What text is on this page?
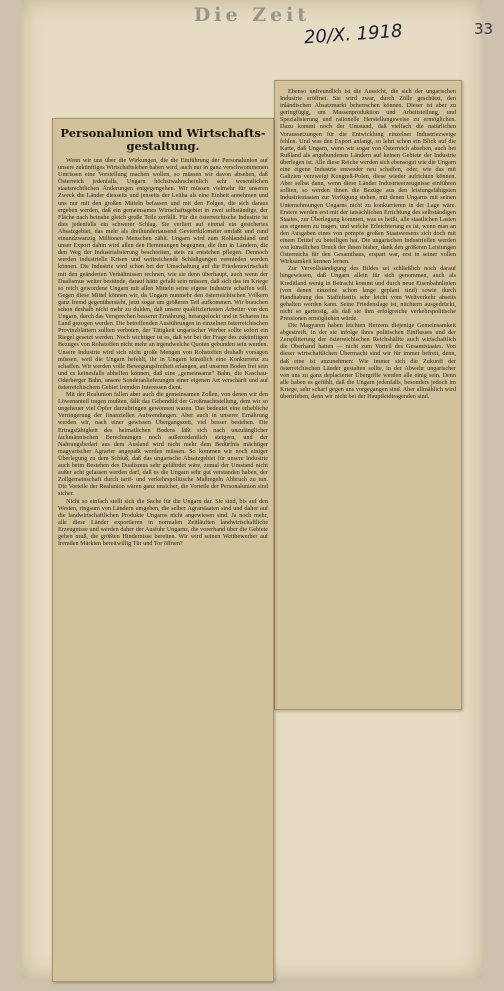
Die Zeit
20/X. 1918	33

Ebenso unfreundlich ist die Aussicht, die sich der ungarischen Industrie eröffnet. Sie wird zwar, durch Zölle geschützt, den inländischen Absatzmarkt beherrschen können. Dieser ist aber zu geringfügig, um Massenproduktion und Arbeitsteilung, und Spezialisierung und rationelle Herstellungsweise zu ermöglichen. Dazu kommt noch der Umstand, daß vielfach die natürlichen Voraussetzungen für die Entwicklung einzelner Industriezweige fehlen. Und was den Export anlangt, so lehrt schon ein Blick auf die Karte, daß Ungarn, wenn wir sogar von Österreich absehen, auch bei Rußland als angebundenen Ländern auf keinen Gebiete der Industrie überlegen ist. Alle diese Reiche werden sich ebensogut wie die Ungarn eine eigene Industrie entweder neu schaffen, oder, wie das mit Galizien verzweigt Kongreß-Polen, diese wieder aufrichten können. Aber selbst dann, wenn diese Länder Industrieerzeugnisse einführen sollten, so werden ihnen die Bezüge aus den leistungsfähigsten Industriestaaten zur Verfügung stehen, mit denen Ungarns mit seinen Unternehmungen Ungarns nicht zu konkurrieren in der Lage wäre. Erstere werden erst mit der tatsächlichen Errichtung des selbständigen Staates, zur Überlegung kommen, was es heißt, alle staatlichen Lasten aus eigenem zu tragen, und welche Erleichterung es ist, wenn man an den Ausgaben eines von pompös großen Staatswesens sich doch mit einem Drittel zu beteiligen hat. Die ungarischen Industriellen werden von künstlichen Druck der ihnen bisher, dank den größeren Leistungen Österreichs für den Gesamthaus, erspart war, erst in seiner vollen Wirksamkeit kennen lernen.

Zur Vervollständigung des Bildes sei schließlich noch darauf hingewiesen, daß Ungarn allein für sich genommen, auch als Kreditland wenig in Betracht kommt und durch neue Eisenbahnlinien (von denen einzelne schon lange geplant sind) sowie durch Handhabung des Staffeltarifs sehr leicht vom Weltverkehr abseits gehalten werden kann. Seine Friedenslage ist, nüchtern ausgedrückt, nicht so gartrosig, als daß sie ihm erfolgreiche verkehrspolitische Pressionen ermöglichen würde.

Die Magyaren haben leichten Herzens diejenige Gemeinsamkeit abgestreift, in der sie infolge ihres politischen Einflusses und der Zersplitterung der österreichischen Reichshälfte auch wirtschaftlich die Oberhand hatten — nicht zum Vorteil des Gesamtstaates. Von dieser wirtschaftlichen Übermacht sind wir für immer befreit, denn, daß eine ist anzunehmen: Wie immer sich die Zukunft der österreichischen Länder gestalten sollte, in der Abwehr ungarischer von uns zu ganz deplacierter Übergriffe werden alle einig sein. Denn alle haben es gefühlt, daß die Ungarn jedenfalls, besonders jedoch im Kriege, sehr scharf gegen uns vorgegangen sind. Aber allmählich wird übertrieben, denn wir nicht bei der Hauptleidtragenden sind.

Personalunion und Wirtschafts-gestaltung.

Wenn wir uns über die Wirkungen, die die Einführung der Personalunion auf unsere zukünftiges Wirtschaftsleben haben wird, auch nur in ganz verschwommenen Umrissen eine Vorstellung machen wollen, so müssen wir davon absehen, daß Österreich jedenfalls, Ungarn höchstwahrscheinlich sehr wesentlichen staatsrechtlichen Änderungen entgegengehen. Wir müssen vielmehr für unseren Zweck die Länder diesseits und jenseits der Leitha als eine Einheit annehmen und uns nur mit den großen Mitteln befassen und mit den Folgen, die sich daraus ergeben werden, daß ein gemeinsames Wirtschaftsgebiet in zwei selbständige, der Fläche nach beinahe gleich große Teile zerfällt. Für die österreichische Industrie ist dies jedenfalls ein schwerer Schlag. Sie verliert auf einmal ein gesichertes Absatzgebiet, das mehr als dreihundertausend Geviertkilometer umfaßt und rund einundzwanzig Millionen Menschen zählt. Ungarn wird zum Rohlandsland und unser Export dahin wird allen den Hemmungen begegnen, die ihm in Ländern, die den Weg der Industrialisierung beschreiten, stets zu entstehen pflegen. Dennoch werden industrielle Krisen und weitreichende Schädigungen vermieden werden können. Die Industrie wird schon bei der Umschaltung auf die Friedenswirtschaft mit den geänderten Verhältnissen rechnen, wie sie denn überhaupt, auch wenn der Dualismus weiter bestünde, darauf hätte gefaßt sein müssen, daß sich das im Kriege so reich gewordene Ungarn mit allen Mitteln seine eigene Industrie schaffen will. Gegen diese Mittel können wir, da Ungarn nunmehr den österreichischen Völkern ganz fremd gegenübersteht, jetzt sogar um größeren Teil aufkommen. Wir brauchen schon deshalb nicht mehr zu dulden, daß unsere qualifiziertesten Arbeiter von den Ungarn, durch das Versprechen besserer Ernährung, herangelockt und in Scharen ins Land gezogen werden. Die betreffenden Ausführungen in einzelnen österreichischen Provinzblättern sollten verboten, der Tätigkeit ungarischer Werber sollte sofort ein Riegel gesetzt werden. Noch wichtiger ist es, daß wir bei der Frage des zukünftigen Bezuges von Rohstoffen nicht mehr an irgendwelche Quoten gebunden sein werden. Unsere Industrie wird sich nicht große Mengen von Rohstoffen deshalb vorsagen müssen, weil die Ungarn befehlt, ihr in Ungarn künstlich eine Konkurrenz zu schaffen. Wir werden volle Bewegungsfreiheit erlangen, auf unseren Boden frei sein und es keinesfalls abhelfen können, daß eine „gemeinsame“ Bahn, die Kaschau-Oderberger Bahn, unsere Sonderanlieferungen einer eigenen Art verschärft und auf österreichischem Gebiet fremden Interessen dient.

Mit der Realunion fallen aber auch die gemeinsamen Zollen, von denen wir den Löwenanteil tragen mußten, fällt das Gebendild der Großmachtstellung, dem wir so ungeheuer viel Opfer darzubringen gewonnen waren. Das bedeutet eine erhebliche Verringerung der finanziellen Aufwendungen. Aber auch in unserer Ernährung werden wir, nach einer gewissen Übergangszeit, viel besser bestehen. Die Ertragsfähigkeit des heimatlichen Bodens läßt sich nach unzulänglicher fachmännischen Berechnungen noch außerordentlich steigern, und der Nahrungsbedarf aus dem Ausland wird nicht mehr dem Bedürfnis mächtiger magyarischer Agrarier angepaßt werden müssen. So kommen wir noch einiger Überlegung zu dem Schluß, daß das ungarische Absatzgebiet für unsere Industrie auch beim Bestehen des Dualismus sehr gefährdet wäre, zumal der Umstand nicht außer acht gelassen werden darf, daß es die Ungarn sehr gut verstanden haben, der Zollgemeinschaft durch tarif- und verkehrspolitische Maßregeln Abbruch zu tun. Die Vorteile der Realunion wären ganz unsicher, die Vorteile der Personalunion sind sicher.

Nicht so einfach stellt sich die Sache für die Ungarn dar. Sie sind, bis auf den Westen, ringsum von Ländern umgeben, die selber Agrarstaaten sind und daher auf die landwirtschaftlichen Produkte Ungarns nicht angewiesen sind. Ja noch mehr, alle diese Länder exportieren in normalen Zeitläuften landwirtschaftliche Erzeugnisse und werden daher der Ausfuhr Ungarns, die vorerhand über die Gebiete gehen muß, die größten Hindernisse bereiten. Wir wird seinen Wettbewerber auf fremden Märkten bereitwillig Tür und Tor öffnen?
